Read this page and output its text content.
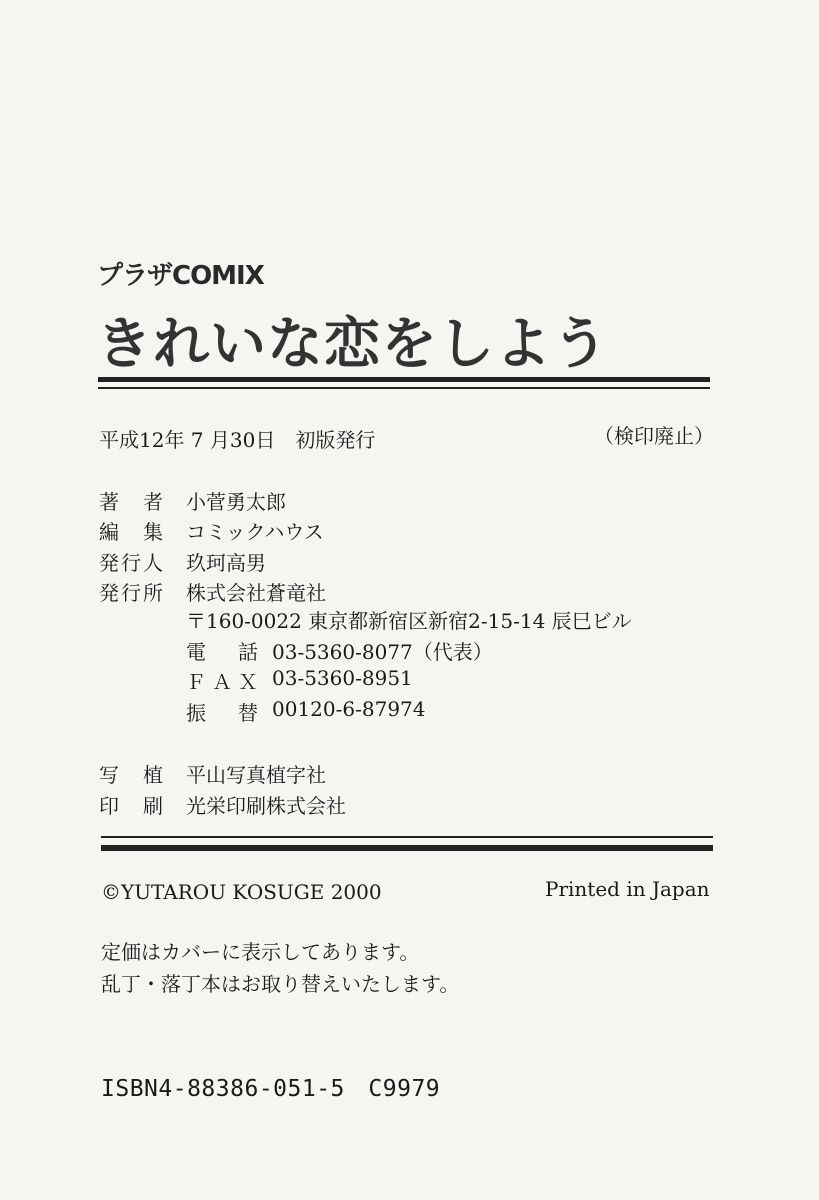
プラザCOMIX
きれいな恋をしよう
平成12年 7 月30日　初版発行	（検印廃止）
著　者	小菅勇太郎
編　集	コミックハウス
発行人	玖珂高男
発行所	株式会社蒼竜社
〒160-0022 東京都新宿区新宿2-15-14 辰巳ビル
電　話 03-5360-8077（代表）
ＦＡＸ 03-5360-8951
振　替 00120-6-87974
写　植	平山写真植字社
印　刷	光栄印刷株式会社
©YUTAROU KOSUGE 2000	Printed in Japan
定価はカバーに表示してあります。
乱丁・落丁本はお取り替えいたします。
ISBN4-88386-051-5　C9979
